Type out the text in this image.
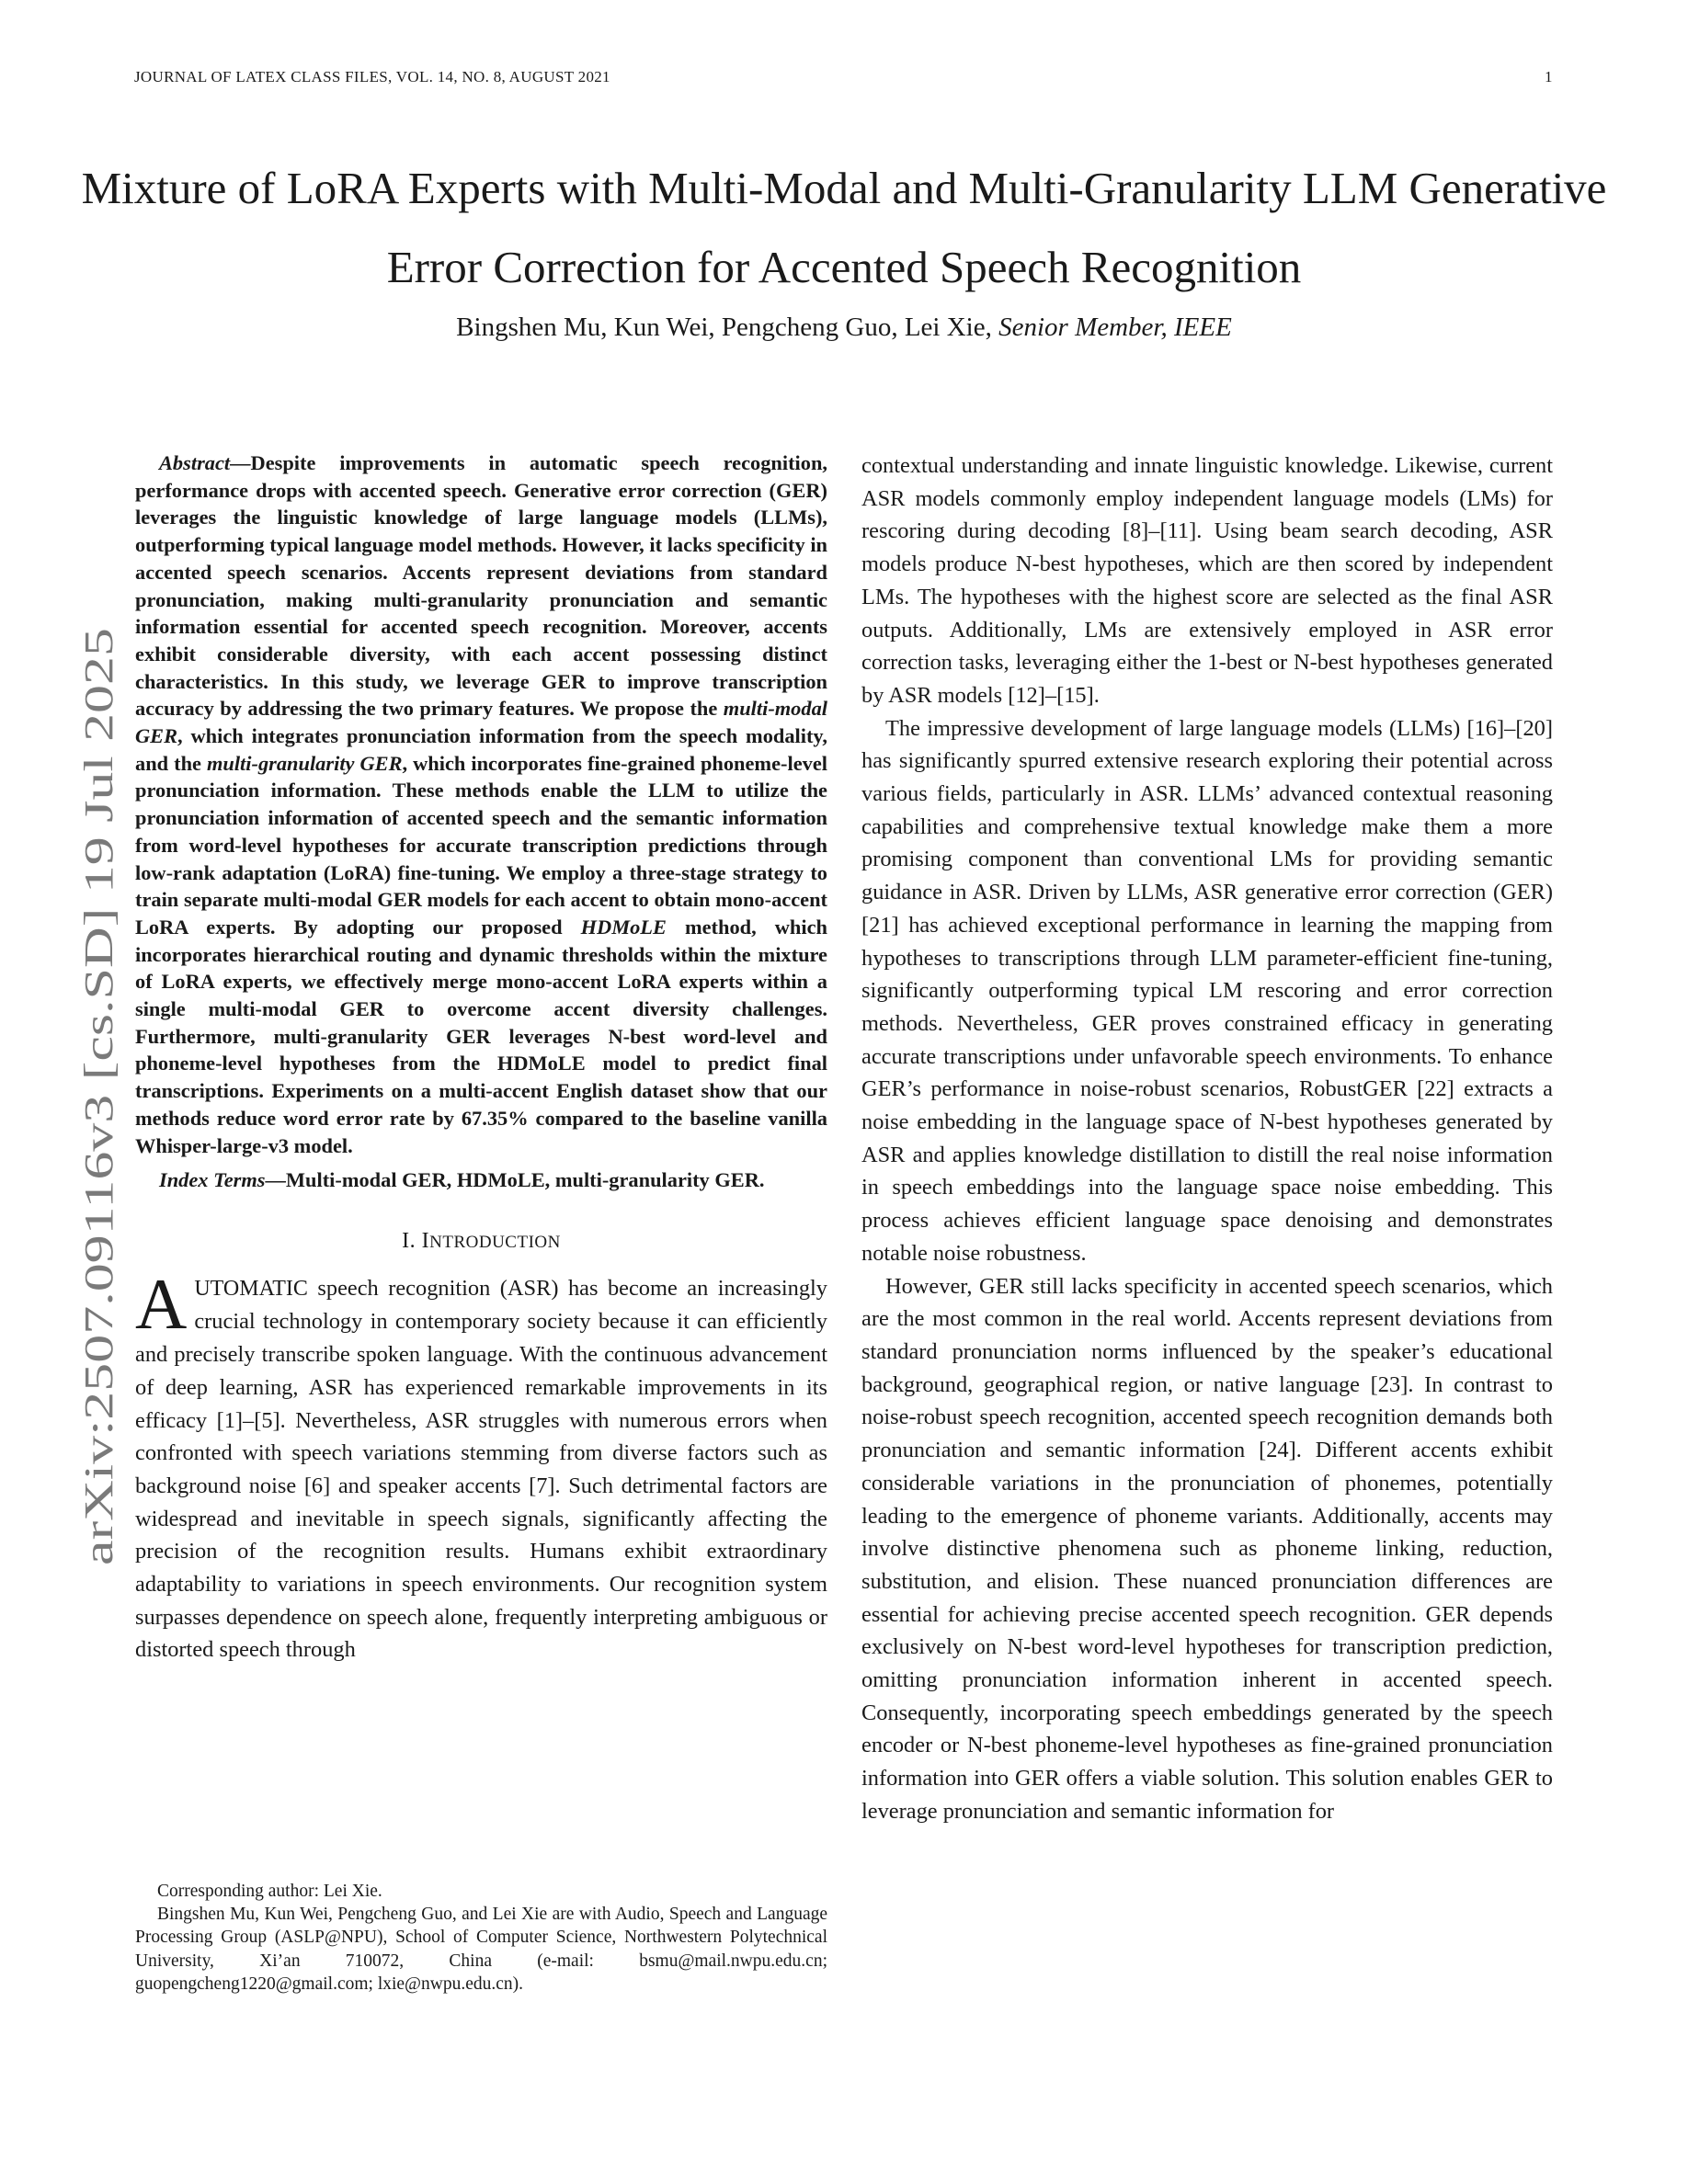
JOURNAL OF LATEX CLASS FILES, VOL. 14, NO. 8, AUGUST 2021	1
Mixture of LoRA Experts with Multi-Modal and Multi-Granularity LLM Generative Error Correction for Accented Speech Recognition
Bingshen Mu, Kun Wei, Pengcheng Guo, Lei Xie, Senior Member, IEEE
arXiv:2507.09116v3 [cs.SD] 19 Jul 2025

Abstract—Despite improvements in automatic speech recognition, performance drops with accented speech. Generative error correction (GER) leverages the linguistic knowledge of large language models (LLMs), outperforming typical language model methods. However, it lacks specificity in accented speech scenarios. Accents represent deviations from standard pronunciation, making multi-granularity pronunciation and semantic information essential for accented speech recognition. Moreover, accents exhibit considerable diversity, with each accent possessing distinct characteristics. In this study, we leverage GER to improve transcription accuracy by addressing the two primary features. We propose the multi-modal GER, which integrates pronunciation information from the speech modality, and the multi-granularity GER, which incorporates fine-grained phoneme-level pronunciation information. These methods enable the LLM to utilize the pronunciation information of accented speech and the semantic information from word-level hypotheses for accurate transcription predictions through low-rank adaptation (LoRA) fine-tuning. We employ a three-stage strategy to train separate multi-modal GER models for each accent to obtain mono-accent LoRA experts. By adopting our proposed HDMoLE method, which incorporates hierarchical routing and dynamic thresholds within the mixture of LoRA experts, we effectively merge mono-accent LoRA experts within a single multi-modal GER to overcome accent diversity challenges. Furthermore, multi-granularity GER leverages N-best word-level and phoneme-level hypotheses from the HDMoLE model to predict final transcriptions. Experiments on a multi-accent English dataset show that our methods reduce word error rate by 67.35% compared to the baseline vanilla Whisper-large-v3 model.

Index Terms—Multi-modal GER, HDMoLE, multi-granularity GER.

I. INTRODUCTION

AUTOMATIC speech recognition (ASR) has become an increasingly crucial technology in contemporary society because it can efficiently and precisely transcribe spoken language. With the continuous advancement of deep learning, ASR has experienced remarkable improvements in its efficacy [1]–[5]. Nevertheless, ASR struggles with numerous errors when confronted with speech variations stemming from diverse factors such as background noise [6] and speaker accents [7]. Such detrimental factors are widespread and inevitable in speech signals, significantly affecting the precision of the recognition results. Humans exhibit extraordinary adaptability to variations in speech environments. Our recognition system surpasses dependence on speech alone, frequently interpreting ambiguous or distorted speech through

Corresponding author: Lei Xie.

Bingshen Mu, Kun Wei, Pengcheng Guo, and Lei Xie are with Audio, Speech and Language Processing Group (ASLP@NPU), School of Computer Science, Northwestern Polytechnical University, Xi’an 710072, China (e-mail: bsmu@mail.nwpu.edu.cn; guopengcheng1220@gmail.com; lxie@nwpu.edu.cn).

contextual understanding and innate linguistic knowledge. Likewise, current ASR models commonly employ independent language models (LMs) for rescoring during decoding [8]–[11]. Using beam search decoding, ASR models produce N-best hypotheses, which are then scored by independent LMs. The hypotheses with the highest score are selected as the final ASR outputs. Additionally, LMs are extensively employed in ASR error correction tasks, leveraging either the 1-best or N-best hypotheses generated by ASR models [12]–[15].

The impressive development of large language models (LLMs) [16]–[20] has significantly spurred extensive research exploring their potential across various fields, particularly in ASR. LLMs’ advanced contextual reasoning capabilities and comprehensive textual knowledge make them a more promising component than conventional LMs for providing semantic guidance in ASR. Driven by LLMs, ASR generative error correction (GER) [21] has achieved exceptional performance in learning the mapping from hypotheses to transcriptions through LLM parameter-efficient fine-tuning, significantly outperforming typical LM rescoring and error correction methods. Nevertheless, GER proves constrained efficacy in generating accurate transcriptions under unfavorable speech environments. To enhance GER’s performance in noise-robust scenarios, RobustGER [22] extracts a noise embedding in the language space of N-best hypotheses generated by ASR and applies knowledge distillation to distill the real noise information in speech embeddings into the language space noise embedding. This process achieves efficient language space denoising and demonstrates notable noise robustness.

However, GER still lacks specificity in accented speech scenarios, which are the most common in the real world. Accents represent deviations from standard pronunciation norms influenced by the speaker’s educational background, geographical region, or native language [23]. In contrast to noise-robust speech recognition, accented speech recognition demands both pronunciation and semantic information [24]. Different accents exhibit considerable variations in the pronunciation of phonemes, potentially leading to the emergence of phoneme variants. Additionally, accents may involve distinctive phenomena such as phoneme linking, reduction, substitution, and elision. These nuanced pronunciation differences are essential for achieving precise accented speech recognition. GER depends exclusively on N-best word-level hypotheses for transcription prediction, omitting pronunciation information inherent in accented speech. Consequently, incorporating speech embeddings generated by the speech encoder or N-best phoneme-level hypotheses as fine-grained pronunciation information into GER offers a viable solution. This solution enables GER to leverage pronunciation and semantic information for
